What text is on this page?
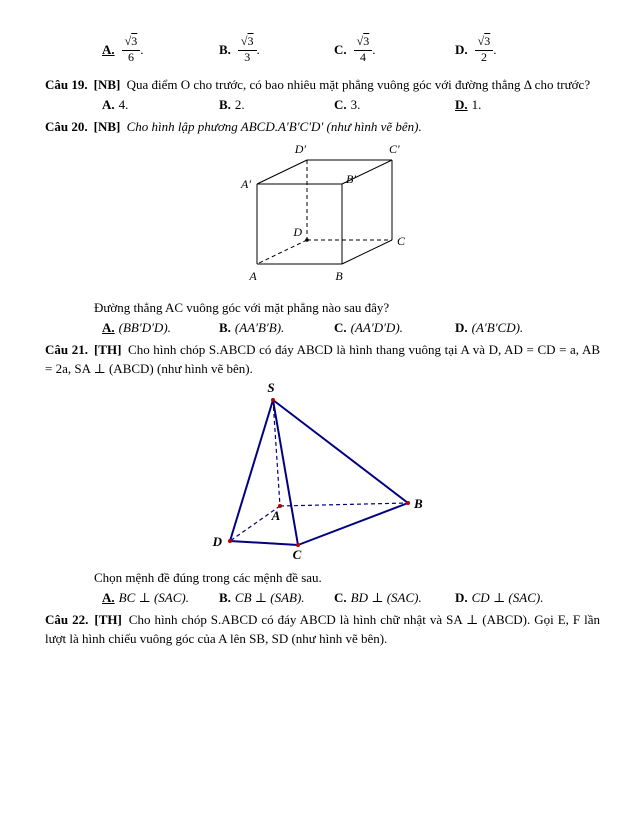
A. $\frac{√3}{6}$ .	B. $\frac{√3}{3}$ .	C. $\frac{√3}{4}$ .	D. $\frac{√3}{2}$ .

Câu 19. [NB] Qua điểm O cho trước, có bao nhiêu mặt phẳng vuông góc với đường thẳng Δ cho trước?

A. 4.	B. 2.	C. 3.	D. 1.

Câu 20. [NB] Cho hình lập phương ABCD.A′B′C′D′ (như hình vẽ bên).

A′	B′
C′
D′
A	B
C
D

Đường thẳng AC vuông góc với mặt phẳng nào sau đây?

A. (BB′D′D).	B. (AA′B′B).	C. (AA′D′D).	D. (A′B′CD).

Câu 21. [TH] Cho hình chóp S.ABCD có đáy ABCD là hình thang vuông tại A và D, AD = CD = a, AB = 2a, SA ⊥ (ABCD) (như hình vẽ bên).

S
A
B
C
D

Chọn mệnh đề đúng trong các mệnh đề sau.

A. BC ⊥ (SAC).	B. CB ⊥ (SAB).	C. BD ⊥ (SAC).	D. CD ⊥ (SAC).

Câu 22. [TH] Cho hình chóp S.ABCD có đáy ABCD là hình chữ nhật và SA ⊥ (ABCD). Gọi E, F lần lượt là hình chiếu vuông góc của A lên SB, SD (như hình vẽ bên).
